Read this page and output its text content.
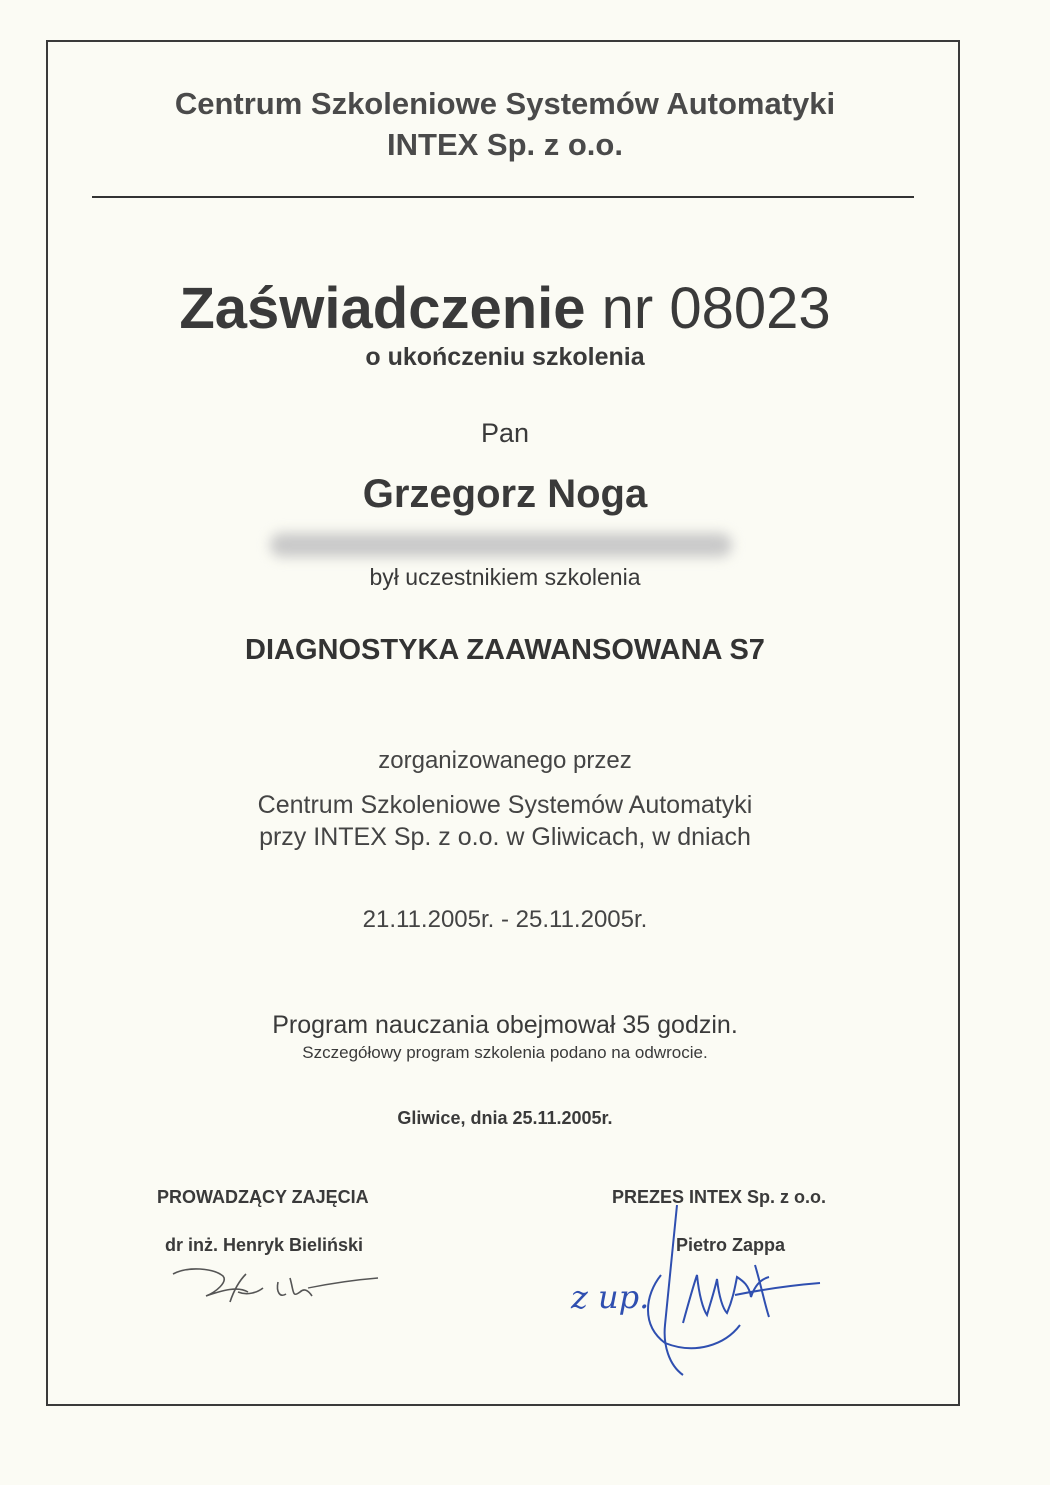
Centrum Szkoleniowe Systemów Automatyki
INTEX Sp. z o.o.
Zaświadczenie nr 08023
o ukończeniu szkolenia
Pan
Grzegorz Noga
był uczestnikiem szkolenia
DIAGNOSTYKA ZAAWANSOWANA S7
zorganizowanego przez
Centrum Szkoleniowe Systemów Automatyki
przy INTEX Sp. z o.o. w Gliwicach, w dniach
21.11.2005r. - 25.11.2005r.
Program nauczania obejmował 35 godzin.
Szczegółowy program szkolenia podano na odwrocie.
Gliwice, dnia 25.11.2005r.
PROWADZĄCY ZAJĘCIA
dr inż. Henryk Bieliński
PREZES INTEX Sp. z o.o.
Pietro Zappa
z up.
